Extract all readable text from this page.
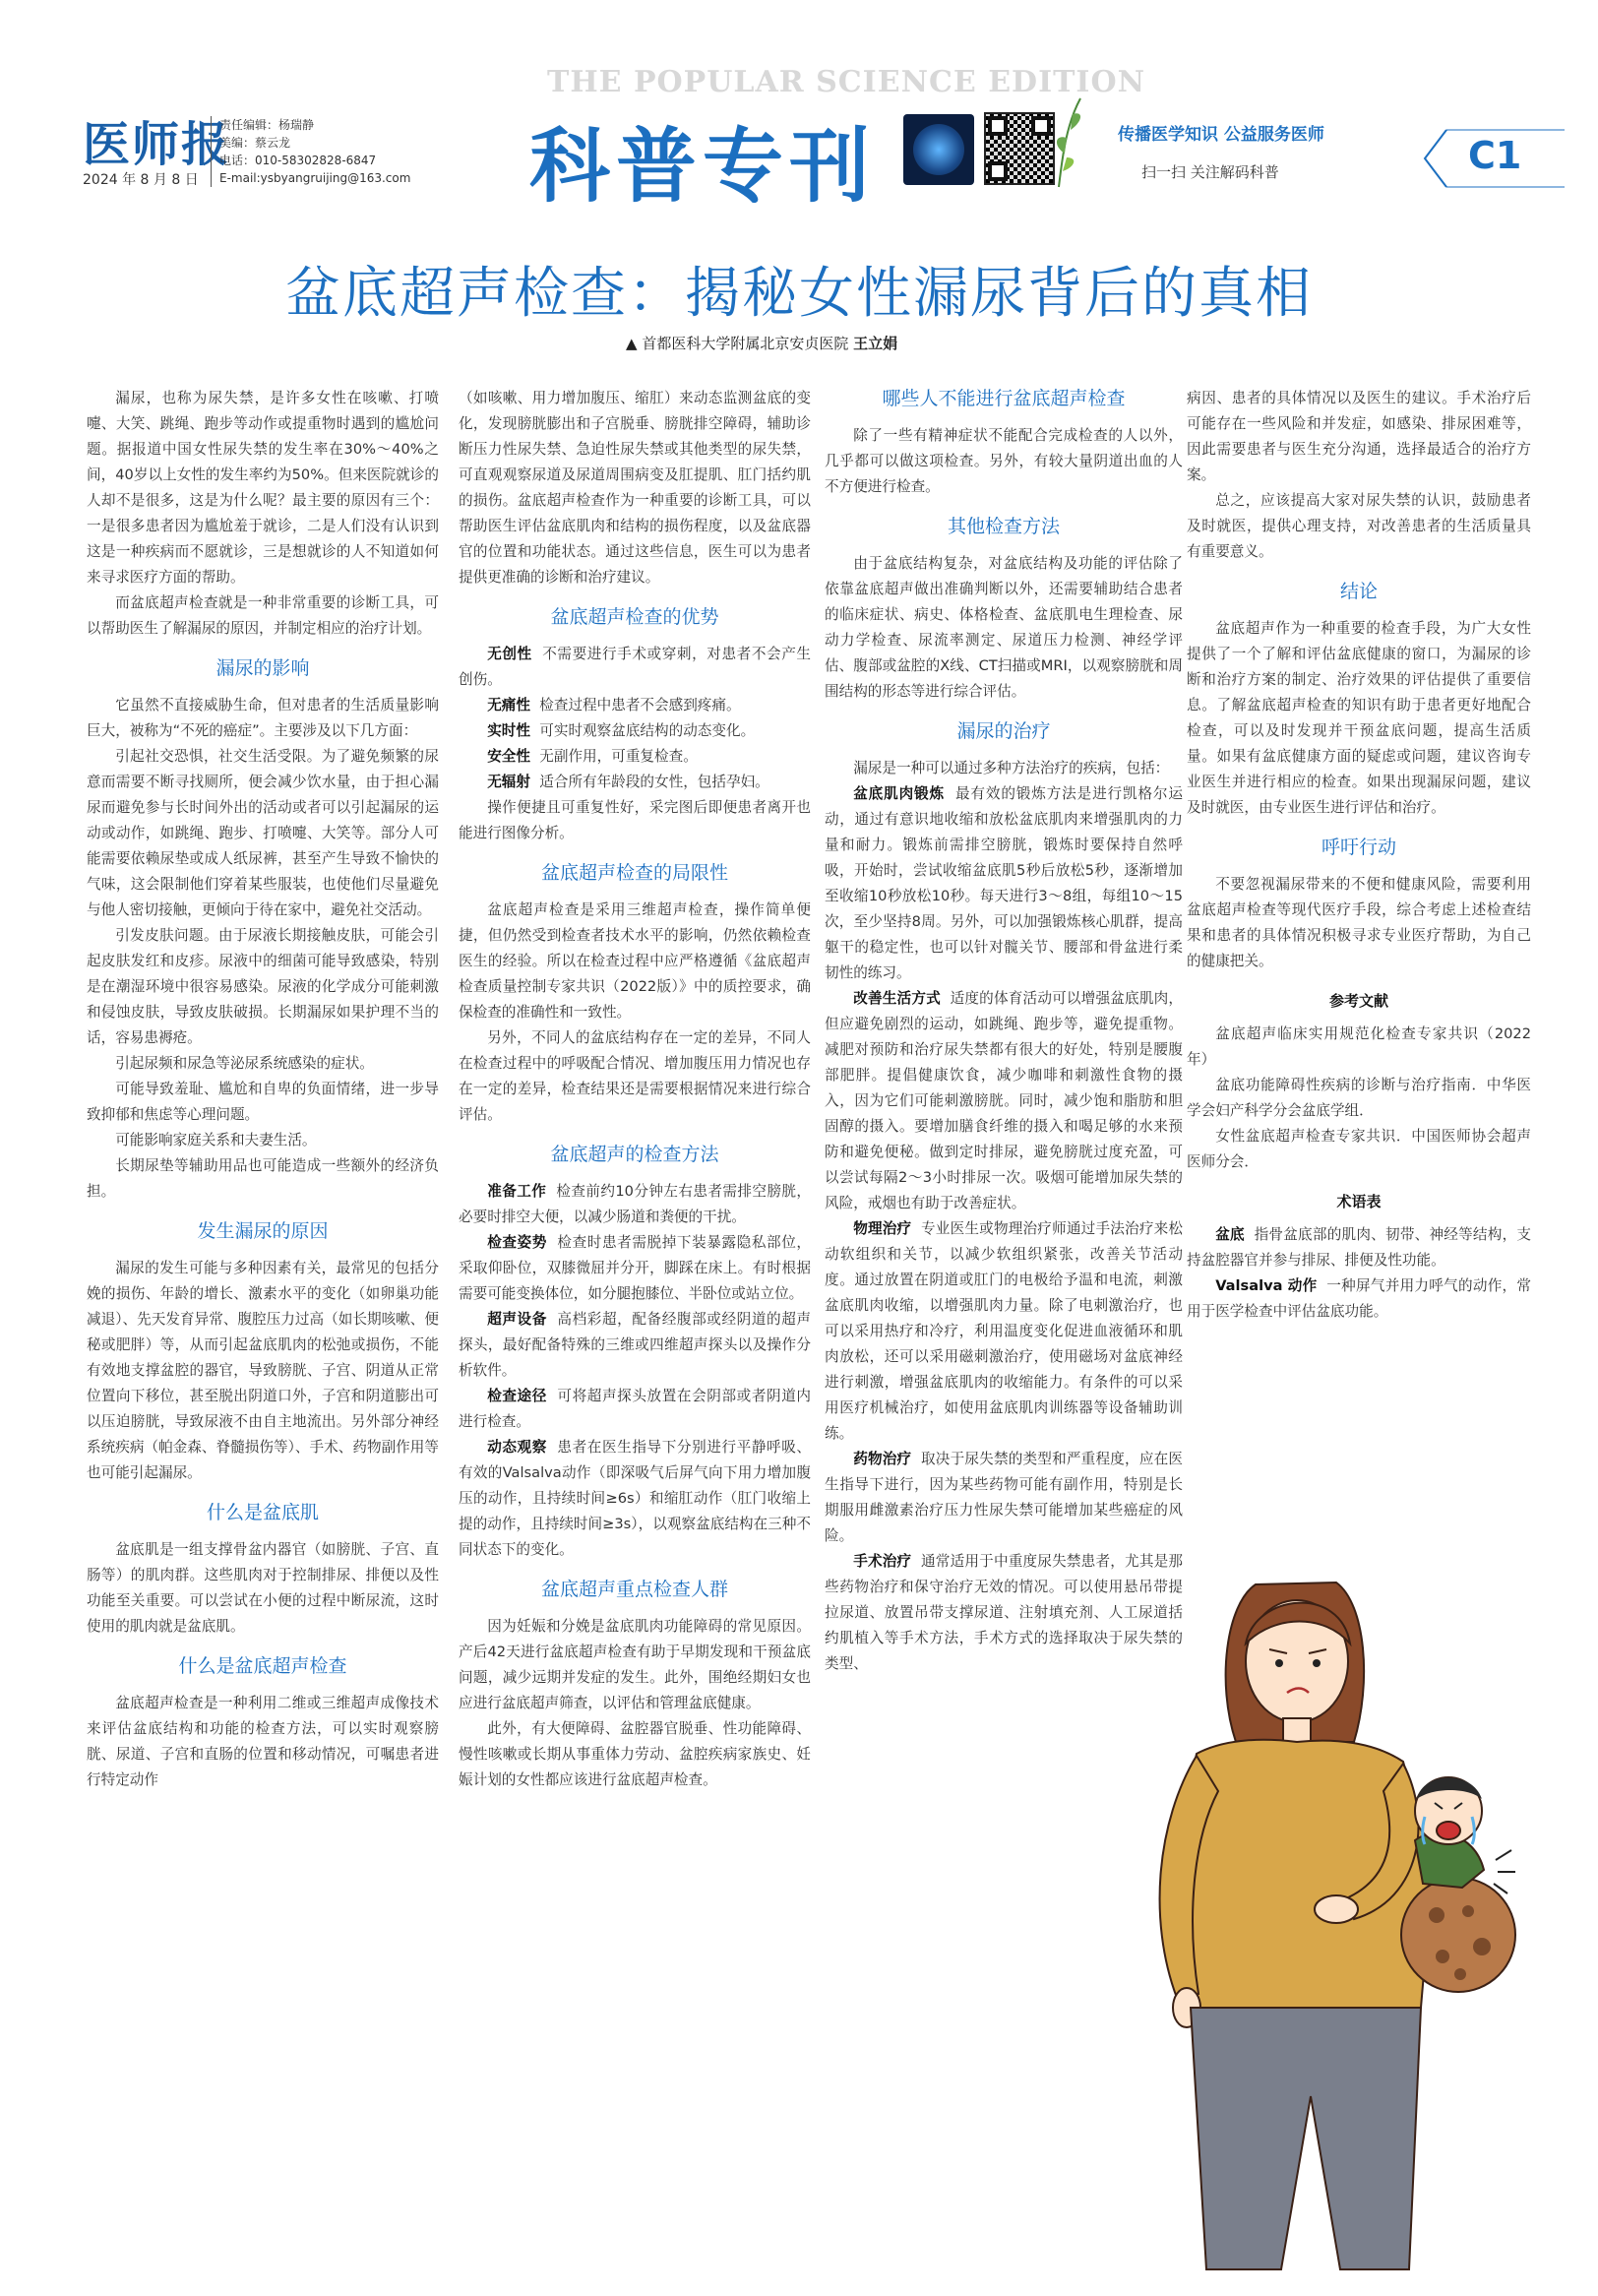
医师报
2024 年 8 月 8 日
责任编辑：杨瑞静
美编：蔡云龙
电话：010-58302828-6847
E-mail:ysbyangruijing@163.com
THE POPULAR SCIENCE EDITION
科普专刊	传播医学知识 公益服务医师
扫一扫 关注解码科普	C1
盆底超声检查：揭秘女性漏尿背后的真相
▲ 首都医科大学附属北京安贞医院 王立娟

漏尿，也称为尿失禁，是许多女性在咳嗽、打喷嚏、大笑、跳绳、跑步等动作或提重物时遇到的尴尬问题。据报道中国女性尿失禁的发生率在30%～40%之间，40岁以上女性的发生率约为50%。但来医院就诊的人却不是很多，这是为什么呢？最主要的原因有三个：一是很多患者因为尴尬羞于就诊，二是人们没有认识到这是一种疾病而不愿就诊，三是想就诊的人不知道如何来寻求医疗方面的帮助。

而盆底超声检查就是一种非常重要的诊断工具，可以帮助医生了解漏尿的原因，并制定相应的治疗计划。

漏尿的影响

它虽然不直接威胁生命，但对患者的生活质量影响巨大，被称为“不死的癌症”。主要涉及以下几方面：

引起社交恐惧，社交生活受限。为了避免频繁的尿意而需要不断寻找厕所，便会减少饮水量，由于担心漏尿而避免参与长时间外出的活动或者可以引起漏尿的运动或动作，如跳绳、跑步、打喷嚏、大笑等。部分人可能需要依赖尿垫或成人纸尿裤，甚至产生导致不愉快的气味，这会限制他们穿着某些服装，也使他们尽量避免与他人密切接触，更倾向于待在家中，避免社交活动。

引发皮肤问题。由于尿液长期接触皮肤，可能会引起皮肤发红和皮疹。尿液中的细菌可能导致感染，特别是在潮湿环境中很容易感染。尿液的化学成分可能刺激和侵蚀皮肤，导致皮肤破损。长期漏尿如果护理不当的话，容易患褥疮。

引起尿频和尿急等泌尿系统感染的症状。

可能导致羞耻、尴尬和自卑的负面情绪，进一步导致抑郁和焦虑等心理问题。

可能影响家庭关系和夫妻生活。

长期尿垫等辅助用品也可能造成一些额外的经济负担。

发生漏尿的原因

漏尿的发生可能与多种因素有关，最常见的包括分娩的损伤、年龄的增长、激素水平的变化（如卵巢功能减退）、先天发育异常、腹腔压力过高（如长期咳嗽、便秘或肥胖）等，从而引起盆底肌肉的松弛或损伤，不能有效地支撑盆腔的器官，导致膀胱、子宫、阴道从正常位置向下移位，甚至脱出阴道口外，子宫和阴道膨出可以压迫膀胱，导致尿液不由自主地流出。另外部分神经系统疾病（帕金森、脊髓损伤等）、手术、药物副作用等也可能引起漏尿。

什么是盆底肌

盆底肌是一组支撑骨盆内器官（如膀胱、子宫、直肠等）的肌肉群。这些肌肉对于控制排尿、排便以及性功能至关重要。可以尝试在小便的过程中断尿流，这时使用的肌肉就是盆底肌。

什么是盆底超声检查

盆底超声检查是一种利用二维或三维超声成像技术来评估盆底结构和功能的检查方法，可以实时观察膀胱、尿道、子宫和直肠的位置和移动情况，可嘱患者进行特定动作

（如咳嗽、用力增加腹压、缩肛）来动态监测盆底的变化，发现膀胱膨出和子宫脱垂、膀胱排空障碍，辅助诊断压力性尿失禁、急迫性尿失禁或其他类型的尿失禁，可直观观察尿道及尿道周围病变及肛提肌、肛门括约肌的损伤。盆底超声检查作为一种重要的诊断工具，可以帮助医生评估盆底肌肉和结构的损伤程度，以及盆底器官的位置和功能状态。通过这些信息，医生可以为患者提供更准确的诊断和治疗建议。

盆底超声检查的优势

无创性 不需要进行手术或穿刺，对患者不会产生创伤。

无痛性 检查过程中患者不会感到疼痛。

实时性 可实时观察盆底结构的动态变化。

安全性 无副作用，可重复检查。

无辐射 适合所有年龄段的女性，包括孕妇。

操作便捷且可重复性好，采完图后即便患者离开也能进行图像分析。

盆底超声检查的局限性

盆底超声检查是采用三维超声检查，操作简单便捷，但仍然受到检查者技术水平的影响，仍然依赖检查医生的经验。所以在检查过程中应严格遵循《盆底超声检查质量控制专家共识（2022版）》中的质控要求，确保检查的准确性和一致性。

另外，不同人的盆底结构存在一定的差异，不同人在检查过程中的呼吸配合情况、增加腹压用力情况也存在一定的差异，检查结果还是需要根据情况来进行综合评估。

盆底超声的检查方法

准备工作 检查前约10分钟左右患者需排空膀胱，必要时排空大便，以减少肠道和粪便的干扰。

检查姿势 检查时患者需脱掉下装暴露隐私部位，采取仰卧位，双膝微屈并分开，脚踩在床上。有时根据需要可能变换体位，如分腿抱膝位、半卧位或站立位。

超声设备 高档彩超，配备经腹部或经阴道的超声探头，最好配备特殊的三维或四维超声探头以及操作分析软件。

检查途径 可将超声探头放置在会阴部或者阴道内进行检查。

动态观察 患者在医生指导下分别进行平静呼吸、有效的Valsalva动作（即深吸气后屏气向下用力增加腹压的动作，且持续时间≥6s）和缩肛动作（肛门收缩上提的动作，且持续时间≥3s），以观察盆底结构在三种不同状态下的变化。

盆底超声重点检查人群

因为妊娠和分娩是盆底肌肉功能障碍的常见原因。产后42天进行盆底超声检查有助于早期发现和干预盆底问题，减少远期并发症的发生。此外，围绝经期妇女也应进行盆底超声筛查，以评估和管理盆底健康。

此外，有大便障碍、盆腔器官脱垂、性功能障碍、慢性咳嗽或长期从事重体力劳动、盆腔疾病家族史、妊娠计划的女性都应该进行盆底超声检查。

哪些人不能进行盆底超声检查

除了一些有精神症状不能配合完成检查的人以外，几乎都可以做这项检查。另外，有较大量阴道出血的人不方便进行检查。

其他检查方法

由于盆底结构复杂，对盆底结构及功能的评估除了依靠盆底超声做出准确判断以外，还需要辅助结合患者的临床症状、病史、体格检查、盆底肌电生理检查、尿动力学检查、尿流率测定、尿道压力检测、神经学评估、腹部或盆腔的X线、CT扫描或MRI，以观察膀胱和周围结构的形态等进行综合评估。

漏尿的治疗

漏尿是一种可以通过多种方法治疗的疾病，包括：

盆底肌肉锻炼 最有效的锻炼方法是进行凯格尔运动，通过有意识地收缩和放松盆底肌肉来增强肌肉的力量和耐力。锻炼前需排空膀胱，锻炼时要保持自然呼吸，开始时，尝试收缩盆底肌5秒后放松5秒，逐渐增加至收缩10秒放松10秒。每天进行3～8组，每组10～15次，至少坚持8周。另外，可以加强锻炼核心肌群，提高躯干的稳定性，也可以针对髋关节、腰部和骨盆进行柔韧性的练习。

改善生活方式 适度的体育活动可以增强盆底肌肉，但应避免剧烈的运动，如跳绳、跑步等，避免提重物。减肥对预防和治疗尿失禁都有很大的好处，特别是腰腹部肥胖。提倡健康饮食，减少咖啡和刺激性食物的摄入，因为它们可能刺激膀胱。同时，减少饱和脂肪和胆固醇的摄入。要增加膳食纤维的摄入和喝足够的水来预防和避免便秘。做到定时排尿，避免膀胱过度充盈，可以尝试每隔2～3小时排尿一次。吸烟可能增加尿失禁的风险，戒烟也有助于改善症状。

物理治疗 专业医生或物理治疗师通过手法治疗来松动软组织和关节，以减少软组织紧张，改善关节活动度。通过放置在阴道或肛门的电极给予温和电流，刺激盆底肌肉收缩，以增强肌肉力量。除了电刺激治疗，也可以采用热疗和冷疗，利用温度变化促进血液循环和肌肉放松，还可以采用磁刺激治疗，使用磁场对盆底神经进行刺激，增强盆底肌肉的收缩能力。有条件的可以采用医疗机械治疗，如使用盆底肌肉训练器等设备辅助训练。

药物治疗 取决于尿失禁的类型和严重程度，应在医生指导下进行，因为某些药物可能有副作用，特别是长期服用雌激素治疗压力性尿失禁可能增加某些癌症的风险。

手术治疗 通常适用于中重度尿失禁患者，尤其是那些药物治疗和保守治疗无效的情况。可以使用悬吊带提拉尿道、放置吊带支撑尿道、注射填充剂、人工尿道括约肌植入等手术方法，手术方式的选择取决于尿失禁的类型、

病因、患者的具体情况以及医生的建议。手术治疗后可能存在一些风险和并发症，如感染、排尿困难等，因此需要患者与医生充分沟通，选择最适合的治疗方案。

总之，应该提高大家对尿失禁的认识，鼓励患者及时就医，提供心理支持，对改善患者的生活质量具有重要意义。

结论

盆底超声作为一种重要的检查手段，为广大女性提供了一个了解和评估盆底健康的窗口，为漏尿的诊断和治疗方案的制定、治疗效果的评估提供了重要信息。了解盆底超声检查的知识有助于患者更好地配合检查，可以及时发现并干预盆底问题，提高生活质量。如果有盆底健康方面的疑虑或问题，建议咨询专业医生并进行相应的检查。如果出现漏尿问题，建议及时就医，由专业医生进行评估和治疗。

呼吁行动

不要忽视漏尿带来的不便和健康风险，需要利用盆底超声检查等现代医疗手段，综合考虑上述检查结果和患者的具体情况积极寻求专业医疗帮助，为自己的健康把关。

参考文献

盆底超声临床实用规范化检查专家共识（2022年）

盆底功能障碍性疾病的诊断与治疗指南．中华医学会妇产科学分会盆底学组．

女性盆底超声检查专家共识．中国医师协会超声医师分会．

术语表

盆底 指骨盆底部的肌肉、韧带、神经等结构，支持盆腔器官并参与排尿、排便及性功能。

Valsalva 动作 一种屏气并用力呼气的动作，常用于医学检查中评估盆底功能。
